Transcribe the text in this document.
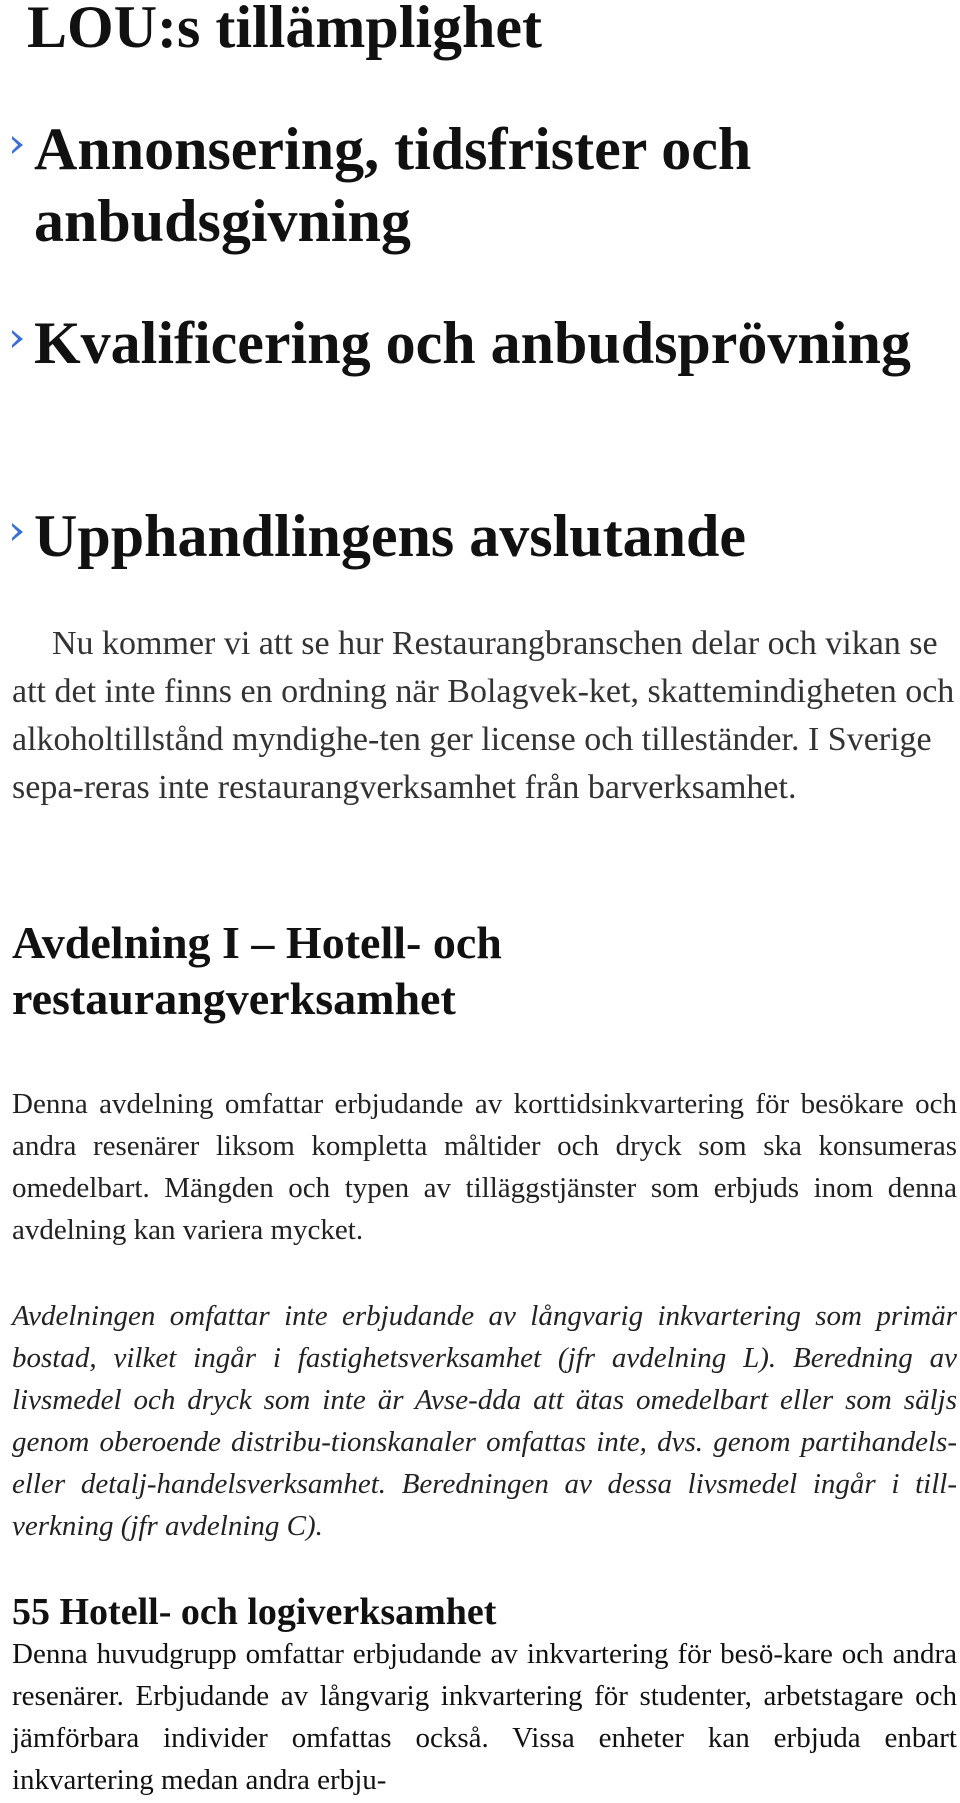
LOU:s tillämplighet
Annonsering, tidsfrister och anbudsgivning
Kvalificering och anbudsprövning
Upphandlingens avslutande

Nu kommer vi att se hur Restaurangbranschen delar och vikan se att det inte finns en ordning när Bolagvek-ket, skattemindigheten och alkoholtillstånd myndighe-ten ger license och tilleständer. I Sverige sepa-reras inte restaurangverksamhet från barverksamhet.

Avdelning I – Hotell- och restaurangverksamhet

Denna avdelning omfattar erbjudande av korttidsinkvartering för besökare och andra resenärer liksom kompletta måltider och dryck som ska konsumeras omedelbart. Mängden och typen av tilläggstjänster som erbjuds inom denna avdelning kan variera mycket.

Avdelningen omfattar inte erbjudande av långvarig inkvartering som primär bostad, vilket ingår i fastighetsverksamhet (jfr avdelning L). Beredning av livsmedel och dryck som inte är Avse-dda att ätas omedelbart eller som säljs genom oberoende distribu-tionskanaler omfattas inte, dvs. genom partihandels- eller detalj-handelsverksamhet. Beredningen av dessa livsmedel ingår i till-verkning (jfr avdelning C).

55 Hotell- och logiverksamhet

Denna huvudgrupp omfattar erbjudande av inkvartering för besö-kare och andra resenärer. Erbjudande av långvarig inkvartering för studenter, arbetstagare och jämförbara individer omfattas också. Vissa enheter kan erbjuda enbart inkvartering medan andra erbju-
